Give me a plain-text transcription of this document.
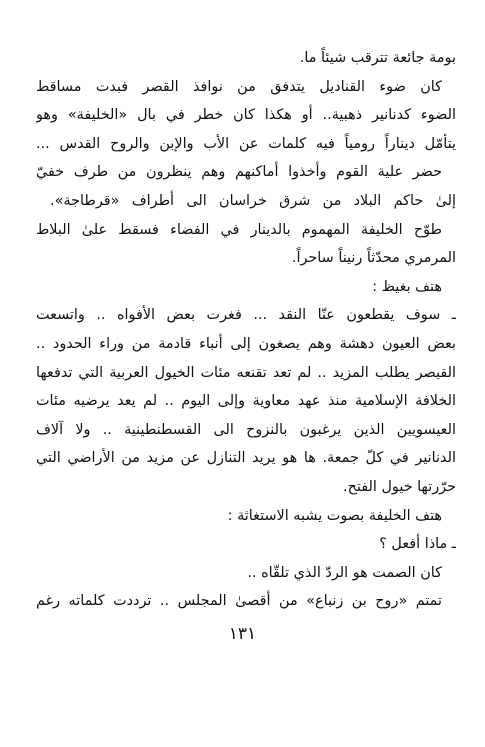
بومة جائعة تترقب شيئاً ما.
كان ضوء القناديل يتدفق من نوافذ القصر فبدت مساقط
الضوء كدنانير ذهبية.. أو هكذا كان خطر في بال «الخليفة» وهو
يتأمّل ديناراً رومياً فيه كلمات عن الأب والإبن والروح القدس ...
حضر علية القوم وأخذوا أماكنهم وهم ينظرون من طرف خفيّ
إلىٰ حاكم البلاد من شرق خراسان الى أطراف «قرطاجة».
طوّح الخليفة المهموم بالدينار في الفضاء فسقط علىٰ البلاط
المرمري محدّثاً رنيناً ساحراً.
هتف بغيظ :
ـ سوف يقطعون عنّا النقد ... فغرت بعض الأفواه .. واتسعت
بعض العيون دهشة وهم يصغون إلى أنباء قادمة من وراء الحدود ..
القيصر يطلب المزيد .. لم تعد تقنعه مئات الخيول العربية التي تدفعها
الخلافة الإسلامية منذ عهد معاوية وإلى اليوم .. لم يعد يرضيه مئات
العيسويين الذين يرغبون بالنزوح الى القسطنطينية .. ولا آلاف
الدنانير في كلّ جمعة. ها هو يريد التنازل عن مزيد من الأراضي التي
حرّرتها خيول الفتح.
هتف الخليفة بصوت يشبه الاستغاثة :
ـ ماذا أفعل ؟
كان الصمت هو الردّ الذي تلقّاه ..
تمتم «روح بن زنباع» من أقصىٰ المجلس .. ترددت كلماته رغم
١٣١
